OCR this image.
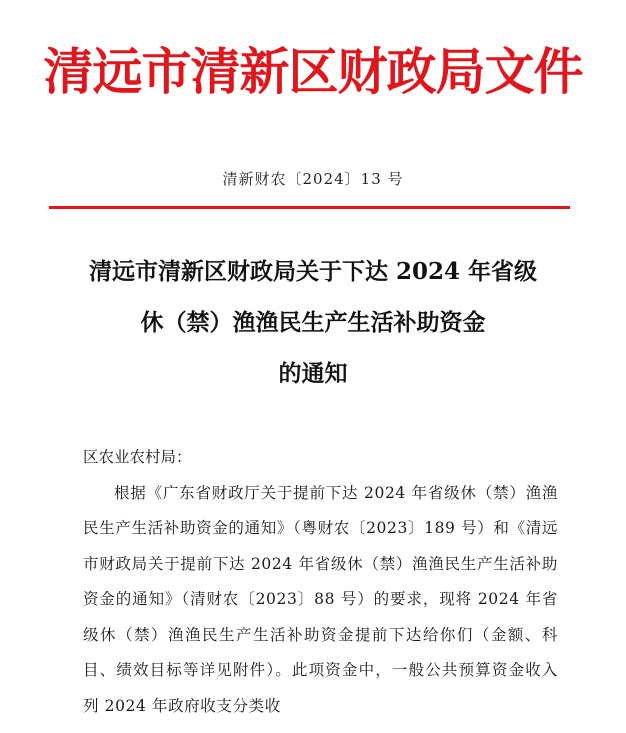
清远市清新区财政局文件
清新财农〔2024〕13 号
清远市清新区财政局关于下达 2024 年省级
休（禁）渔渔民生产生活补助资金
的通知
区农业农村局：
根据《广东省财政厅关于提前下达 2024 年省级休（禁）渔渔民生产生活补助资金的通知》（粤财农〔2023〕189 号）和《清远市财政局关于提前下达 2024 年省级休（禁）渔渔民生产生活补助资金的通知》（清财农〔2023〕88 号）的要求，现将 2024 年省级休（禁）渔渔民生产生活补助资金提前下达给你们（金额、科目、绩效目标等详见附件）。此项资金中，一般公共预算资金收入列 2024 年政府收支分类收
